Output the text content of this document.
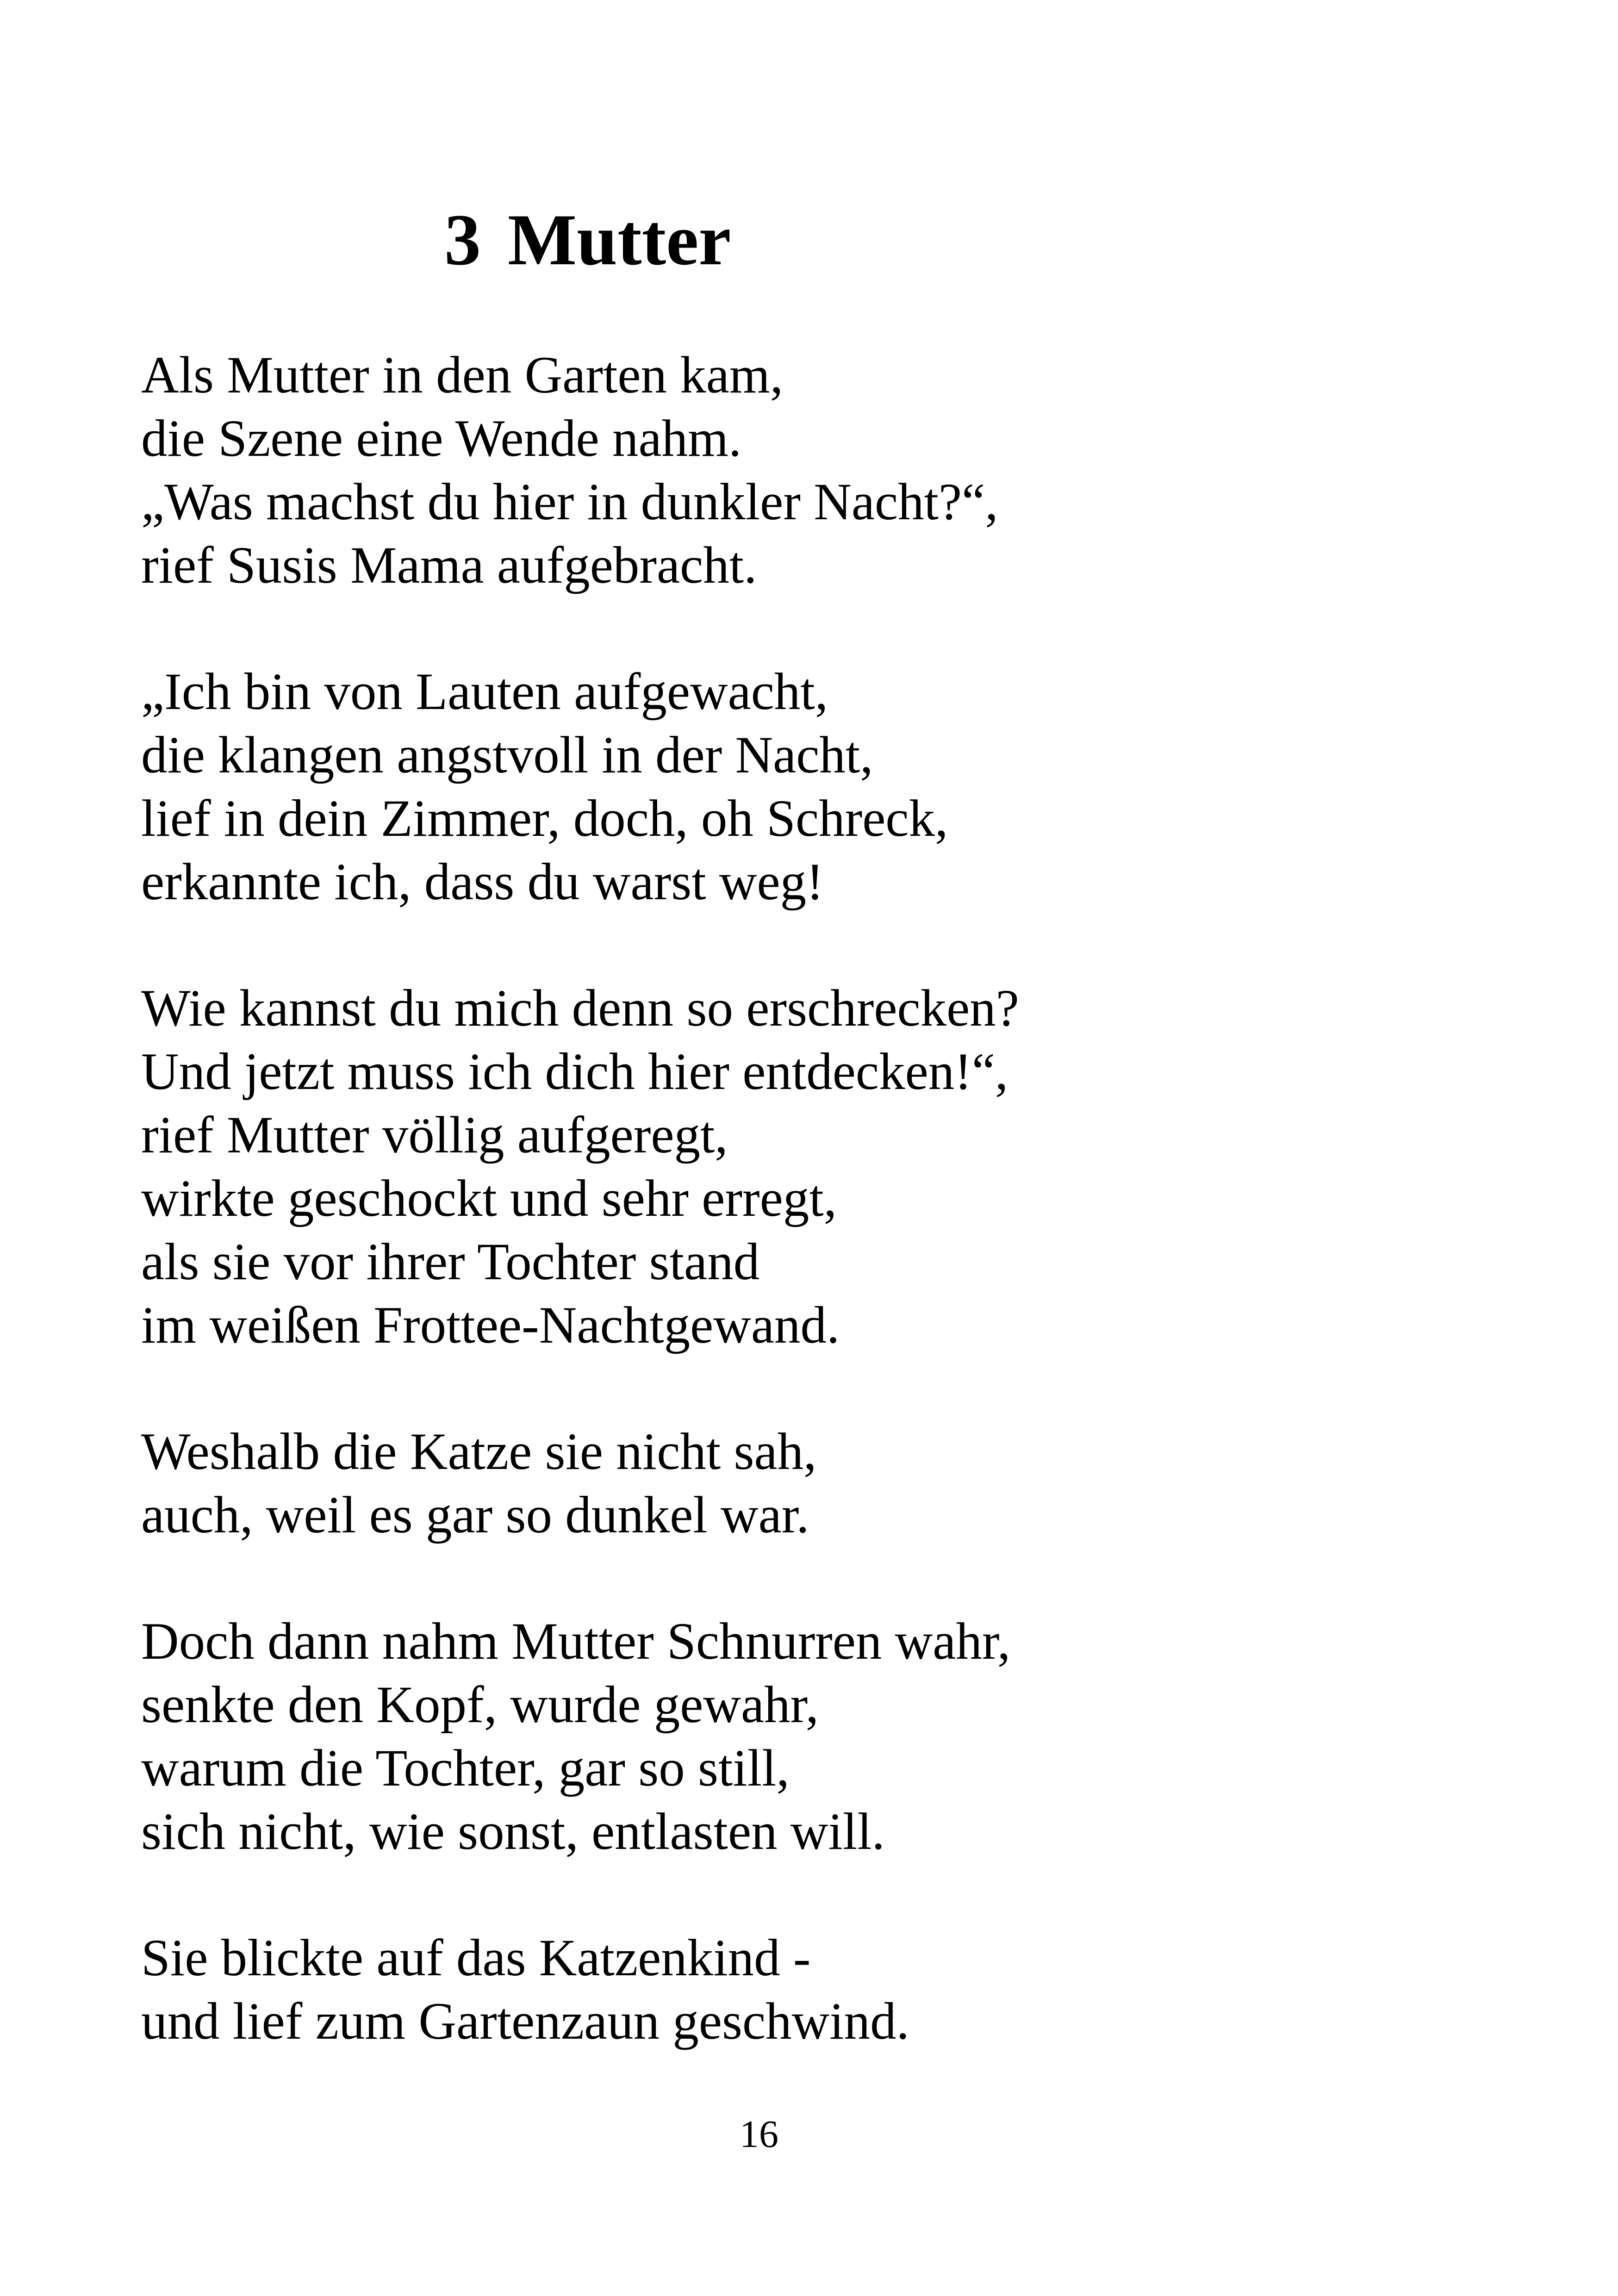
3 Mutter
Als Mutter in den Garten kam,
die Szene eine Wende nahm.
„Was machst du hier in dunkler Nacht?“,
rief Susis Mama aufgebracht.
„Ich bin von Lauten aufgewacht,
die klangen angstvoll in der Nacht,
lief in dein Zimmer, doch, oh Schreck,
erkannte ich, dass du warst weg!
Wie kannst du mich denn so erschrecken?
Und jetzt muss ich dich hier entdecken!“,
rief Mutter völlig aufgeregt,
wirkte geschockt und sehr erregt,
als sie vor ihrer Tochter stand
im weißen Frottee-Nachtgewand.
Weshalb die Katze sie nicht sah,
auch, weil es gar so dunkel war.
Doch dann nahm Mutter Schnurren wahr,
senkte den Kopf, wurde gewahr,
warum die Tochter, gar so still,
sich nicht, wie sonst, entlasten will.
Sie blickte auf das Katzenkind -
und lief zum Gartenzaun geschwind.
16
